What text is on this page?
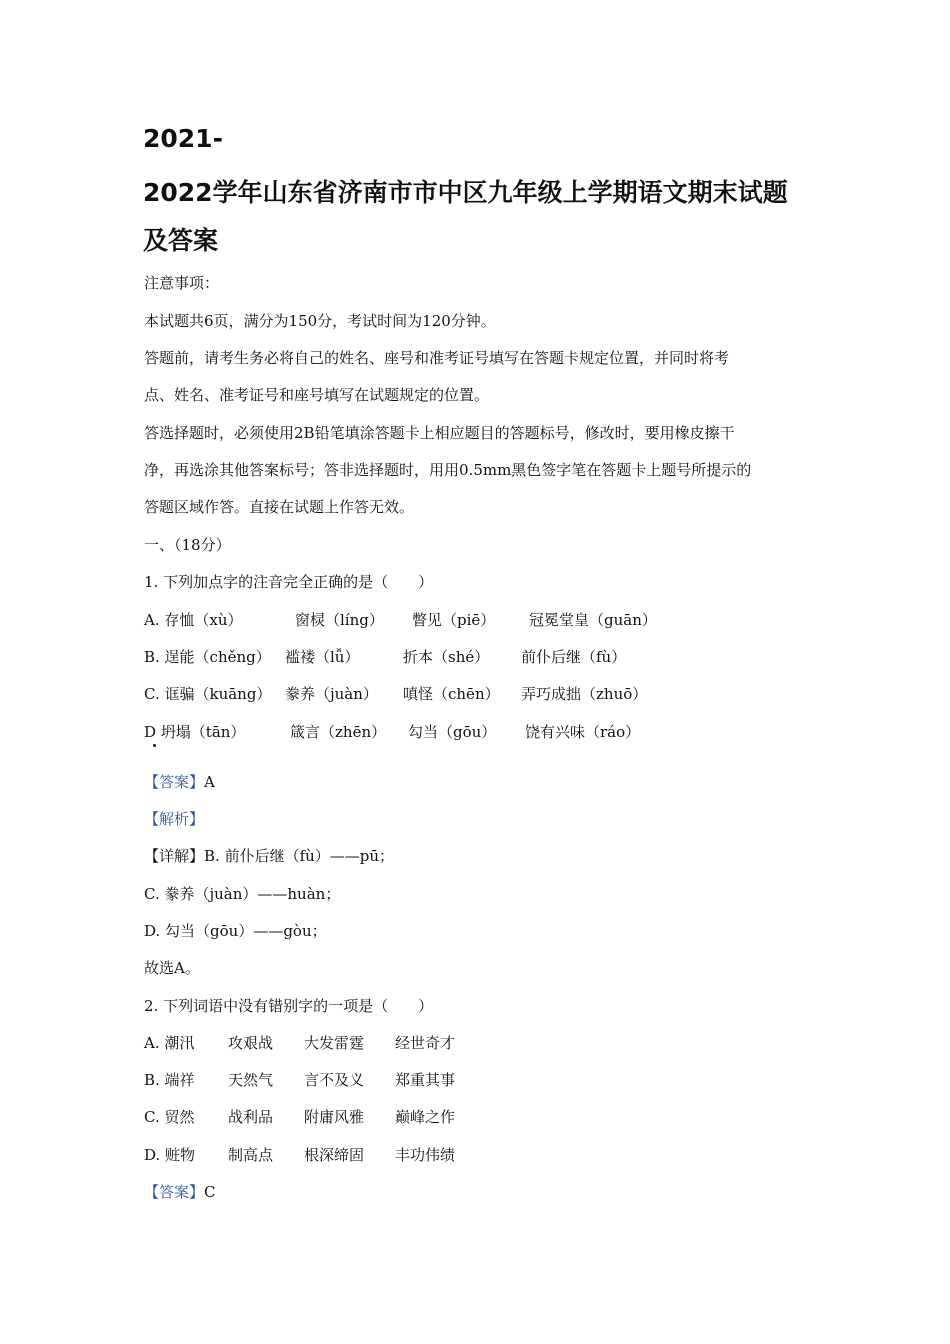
2021-
2022学年山东省济南市市中区九年级上学期语文期末试题
及答案
注意事项：
本试题共6页，满分为150分，考试时间为120分钟。
答题前，请考生务必将自己的姓名、座号和准考证号填写在答题卡规定位置，并同时将考
点、姓名、准考证号和座号填写在试题规定的位置。
答选择题时，必须使用2B铅笔填涂答题卡上相应题目的答题标号，修改时，要用橡皮擦干
净，再选涂其他答案标号；答非选择题时，用用0.5mm黑色签字笔在答题卡上题号所提示的
答题区域作答。直接在试题上作答无效。
一、（18分）
1. 下列加点字的注音完全正确的是（　　）
A. 存恤（xù）	窗棂（líng） 瞥见（piē） 冠冕堂皇（guān）
B. 逞能（chěng） 褴褛（lǚ）	折本（shé） 前仆后继（fù）
C. 诓骗（kuāng） 豢养（juàn） 嗔怪（chēn） 弄巧成拙（zhuō）
D 坍塌（tān）	箴言（zhēn） 勾当（gōu） 饶有兴味（ráo）
【答案】A
【解析】
【详解】B. 前仆后继（fù）——pū；
C. 豢养（juàn）——huàn；
D. 勾当（gōu）——gòu；
故选A。
2. 下列词语中没有错别字的一项是（　　）
A. 潮汛 攻艰战 大发雷霆 经世奇才
B. 端祥 天然气 言不及义 郑重其事
C. 贸然 战利品 附庸风雅 巅峰之作
D. 赃物 制高点 根深缔固 丰功伟绩
【答案】C
